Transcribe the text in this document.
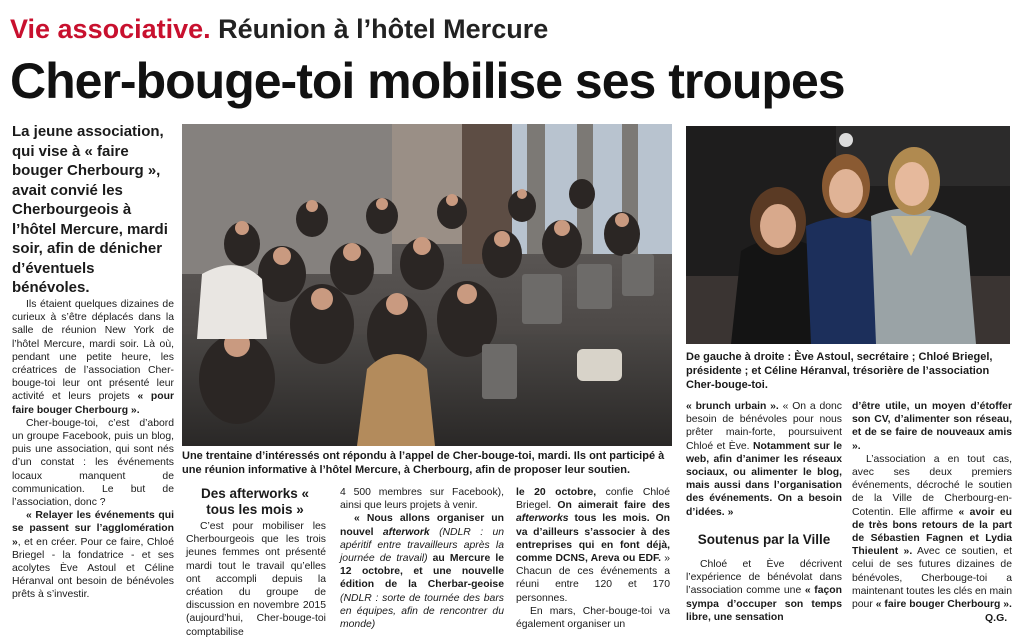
Vie associative. Réunion à l’hôtel Mercure
Cher-bouge-toi mobilise ses troupes
La jeune association, qui vise à « faire bouger Cherbourg », avait convié les Cherbourgeois à l’hôtel Mercure, mardi soir, afin de dénicher d’éventuels bénévoles.
Une trentaine d’intéressés ont répondu à l’appel de Cher-bouge-toi, mardi. Ils ont participé à une réunion informative à l’hôtel Mercure, à Cherbourg, afin de proposer leur soutien.
De gauche à droite : Ève Astoul, secrétaire ; Chloé Briegel, présidente ; et Céline Héranval, trésorière de l’association Cher-bouge-toi.

Ils étaient quelques dizaines de curieux à s’être déplacés dans la salle de réunion New York de l’hôtel Mercure, mardi soir. Là où, pendant une petite heure, les créatrices de l’association Cher-bouge-toi leur ont présenté leur activité et leurs projets « pour faire bouger Cherbourg ».

Cher-bouge-toi, c’est d’abord un groupe Facebook, puis un blog, puis une association, qui sont nés d’un constat : les événements locaux manquent de communication. Le but de l’association, donc ?

« Relayer les événements qui se passent sur l’agglomération », et en créer. Pour ce faire, Chloé Briegel - la fondatrice - et ses acolytes Ève Astoul et Céline Héranval ont besoin de bénévoles prêts à s’investir.

Des afterworks « tous les mois »

C’est pour mobiliser les Cherbourgeois que les trois jeunes femmes ont présenté mardi tout le travail qu’elles ont accompli depuis la création du groupe de discussion en novembre 2015 (aujourd’hui, Cher-bouge-toi comptabilise

4 500 membres sur Facebook), ainsi que leurs projets à venir.

« Nous allons organiser un nouvel afterwork (NDLR : un apéritif entre travailleurs après la journée de travail) au Mercure le 12 octobre, et une nouvelle édition de la Cherbar-geoise (NDLR : sorte de tournée des bars en équipes, afin de rencontrer du monde)

le 20 octobre, confie Chloé Briegel. On aimerait faire des afterworks tous les mois. On va d’ailleurs s’associer à des entreprises qui en font déjà, comme DCNS, Areva ou EDF. » Chacun de ces événements a réuni entre 120 et 170 personnes.

En mars, Cher-bouge-toi va également organiser un

« brunch urbain ». « On a donc besoin de bénévoles pour nous prêter main-forte, poursuivent Chloé et Ève. Notamment sur le web, afin d’animer les réseaux sociaux, ou alimenter le blog, mais aussi dans l’organisation des événements. On a besoin d’idées. »

Soutenus par la Ville

Chloé et Ève décrivent l’expérience de bénévolat dans l’association comme une « façon sympa d’occuper son temps libre, une sensation

d’être utile, un moyen d’étoffer son CV, d’alimenter son réseau, et de se faire de nouveaux amis ».

L’association a en tout cas, avec ses deux premiers événements, décroché le soutien de la Ville de Cherbourg-en-Cotentin. Elle affirme « avoir eu de très bons retours de la part de Sébastien Fagnen et Lydia Thieulent ». Avec ce soutien, et celui de ses futures dizaines de bénévoles, Cherbouge-toi a maintenant toutes les clés en main pour « faire bouger Cherbourg ».

Q.G.
